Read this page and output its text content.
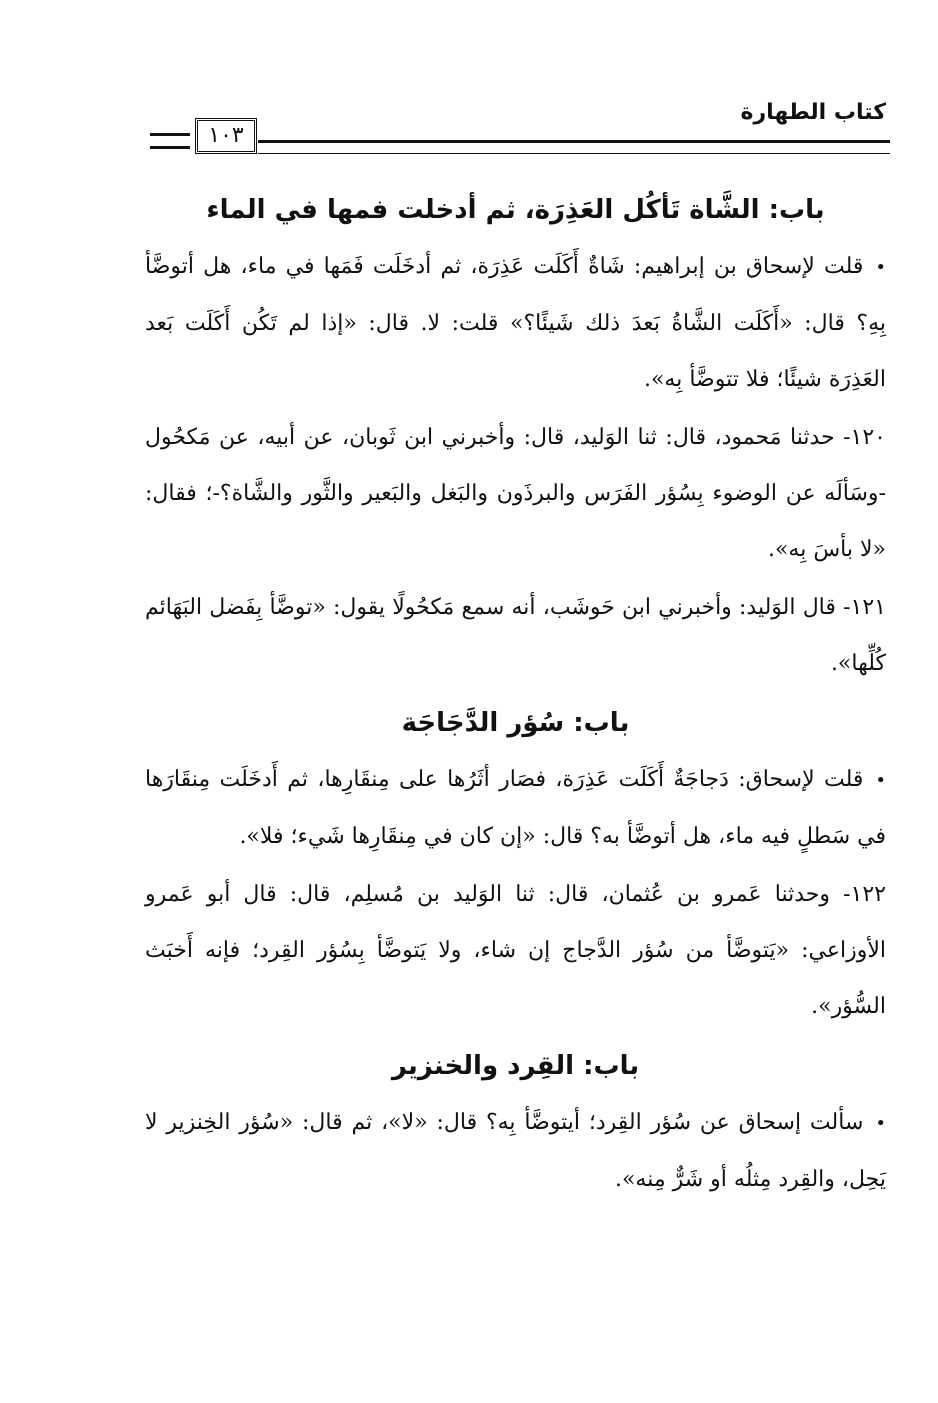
كتاب الطهارة
١٠٣
باب: الشَّاة تَأكُل العَذِرَة، ثم أدخلت فمها في الماء

•قلت لإسحاق بن إبراهيم: شَاةٌ أَكَلَت عَذِرَة، ثم أدخَلَت فَمَها في ماء، هل أتوضَّأ بِهِ؟ قال: «أَكَلَت الشَّاةُ بَعدَ ذلك شَيئًا؟» قلت: لا. قال: «إذا لم تَكُن أَكَلَت بَعد العَذِرَة شيئًا؛ فلا تتوضَّأ بِه».

١٢٠- حدثنا مَحمود، قال: ثنا الوَليد، قال: وأخبرني ابن ثَوبان، عن أبيه، عن مَكحُول -وسَألَه عن الوضوء بِسُؤر الفَرَس والبرذَون والبَغل والبَعير والثَّور والشَّاة؟-؛ فقال: «لا بأسَ بِه».

١٢١- قال الوَليد: وأخبرني ابن حَوشَب، أنه سمع مَكحُولًا يقول: «توضَّأ بِفَضل البَهَائم كُلِّها».

باب: سُؤر الدَّجَاجَة

•قلت لإسحاق: دَجاجَةٌ أَكَلَت عَذِرَة، فصَار أثَرُها على مِنقَارِها، ثم أَدخَلَت مِنقَارَها في سَطلٍ فيه ماء، هل أتوضَّأ به؟ قال: «إن كان في مِنقَارِها شَيء؛ فلا».

١٢٢- وحدثنا عَمرو بن عُثمان، قال: ثنا الوَليد بن مُسلِم، قال: قال أبو عَمرو الأوزاعي: «يَتوضَّأ من سُؤر الدَّجاج إن شاء، ولا يَتوضَّأ بِسُؤر القِرد؛ فإنه أَخبَث السُّؤر».

باب: القِرد والخنزير

•سألت إسحاق عن سُؤر القِرد؛ أيتوضَّأ بِه؟ قال: «لا»، ثم قال: «سُؤر الخِنزير لا يَحِل، والقِرد مِثلُه أو شَرٌّ مِنه».
